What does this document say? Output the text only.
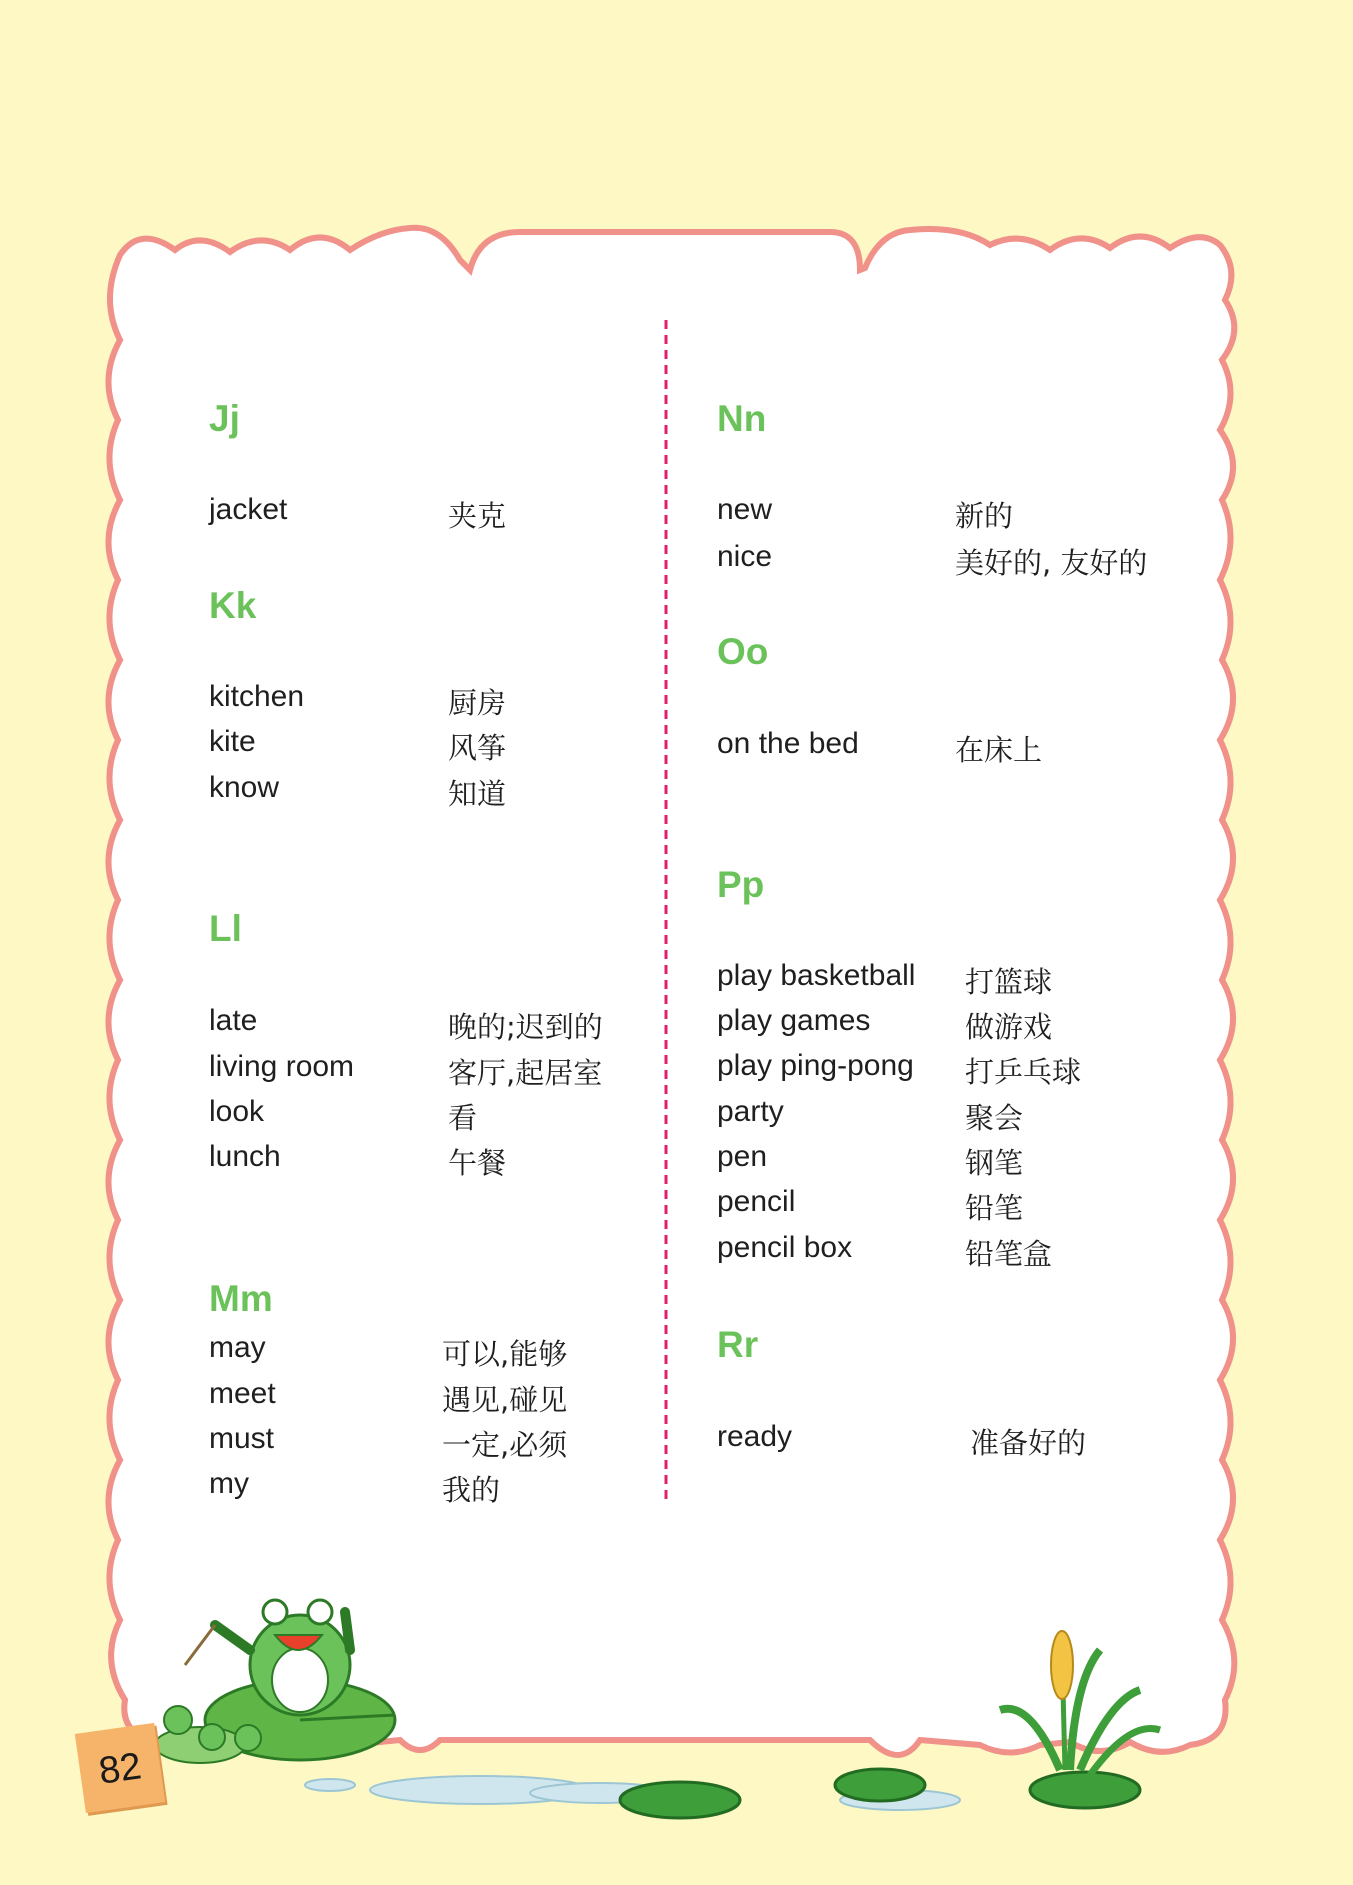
Jj
jacket	夹克
Kk
kitchen	厨房
kite	风筝
know	知道
Ll
late	晚的;迟到的
living room	客厅,起居室
look	看
lunch	午餐
Mm
may	可以,能够
meet	遇见,碰见
must	一定,必须
my	我的
Nn
new	新的
nice	美好的, 友好的
Oo
on the bed	在床上
Pp
play basketball 打篮球
play games	做游戏
play ping-pong 打乒乓球
party	聚会
pen	钢笔
pencil	铅笔
pencil box	铅笔盒
Rr
ready	准备好的
82
